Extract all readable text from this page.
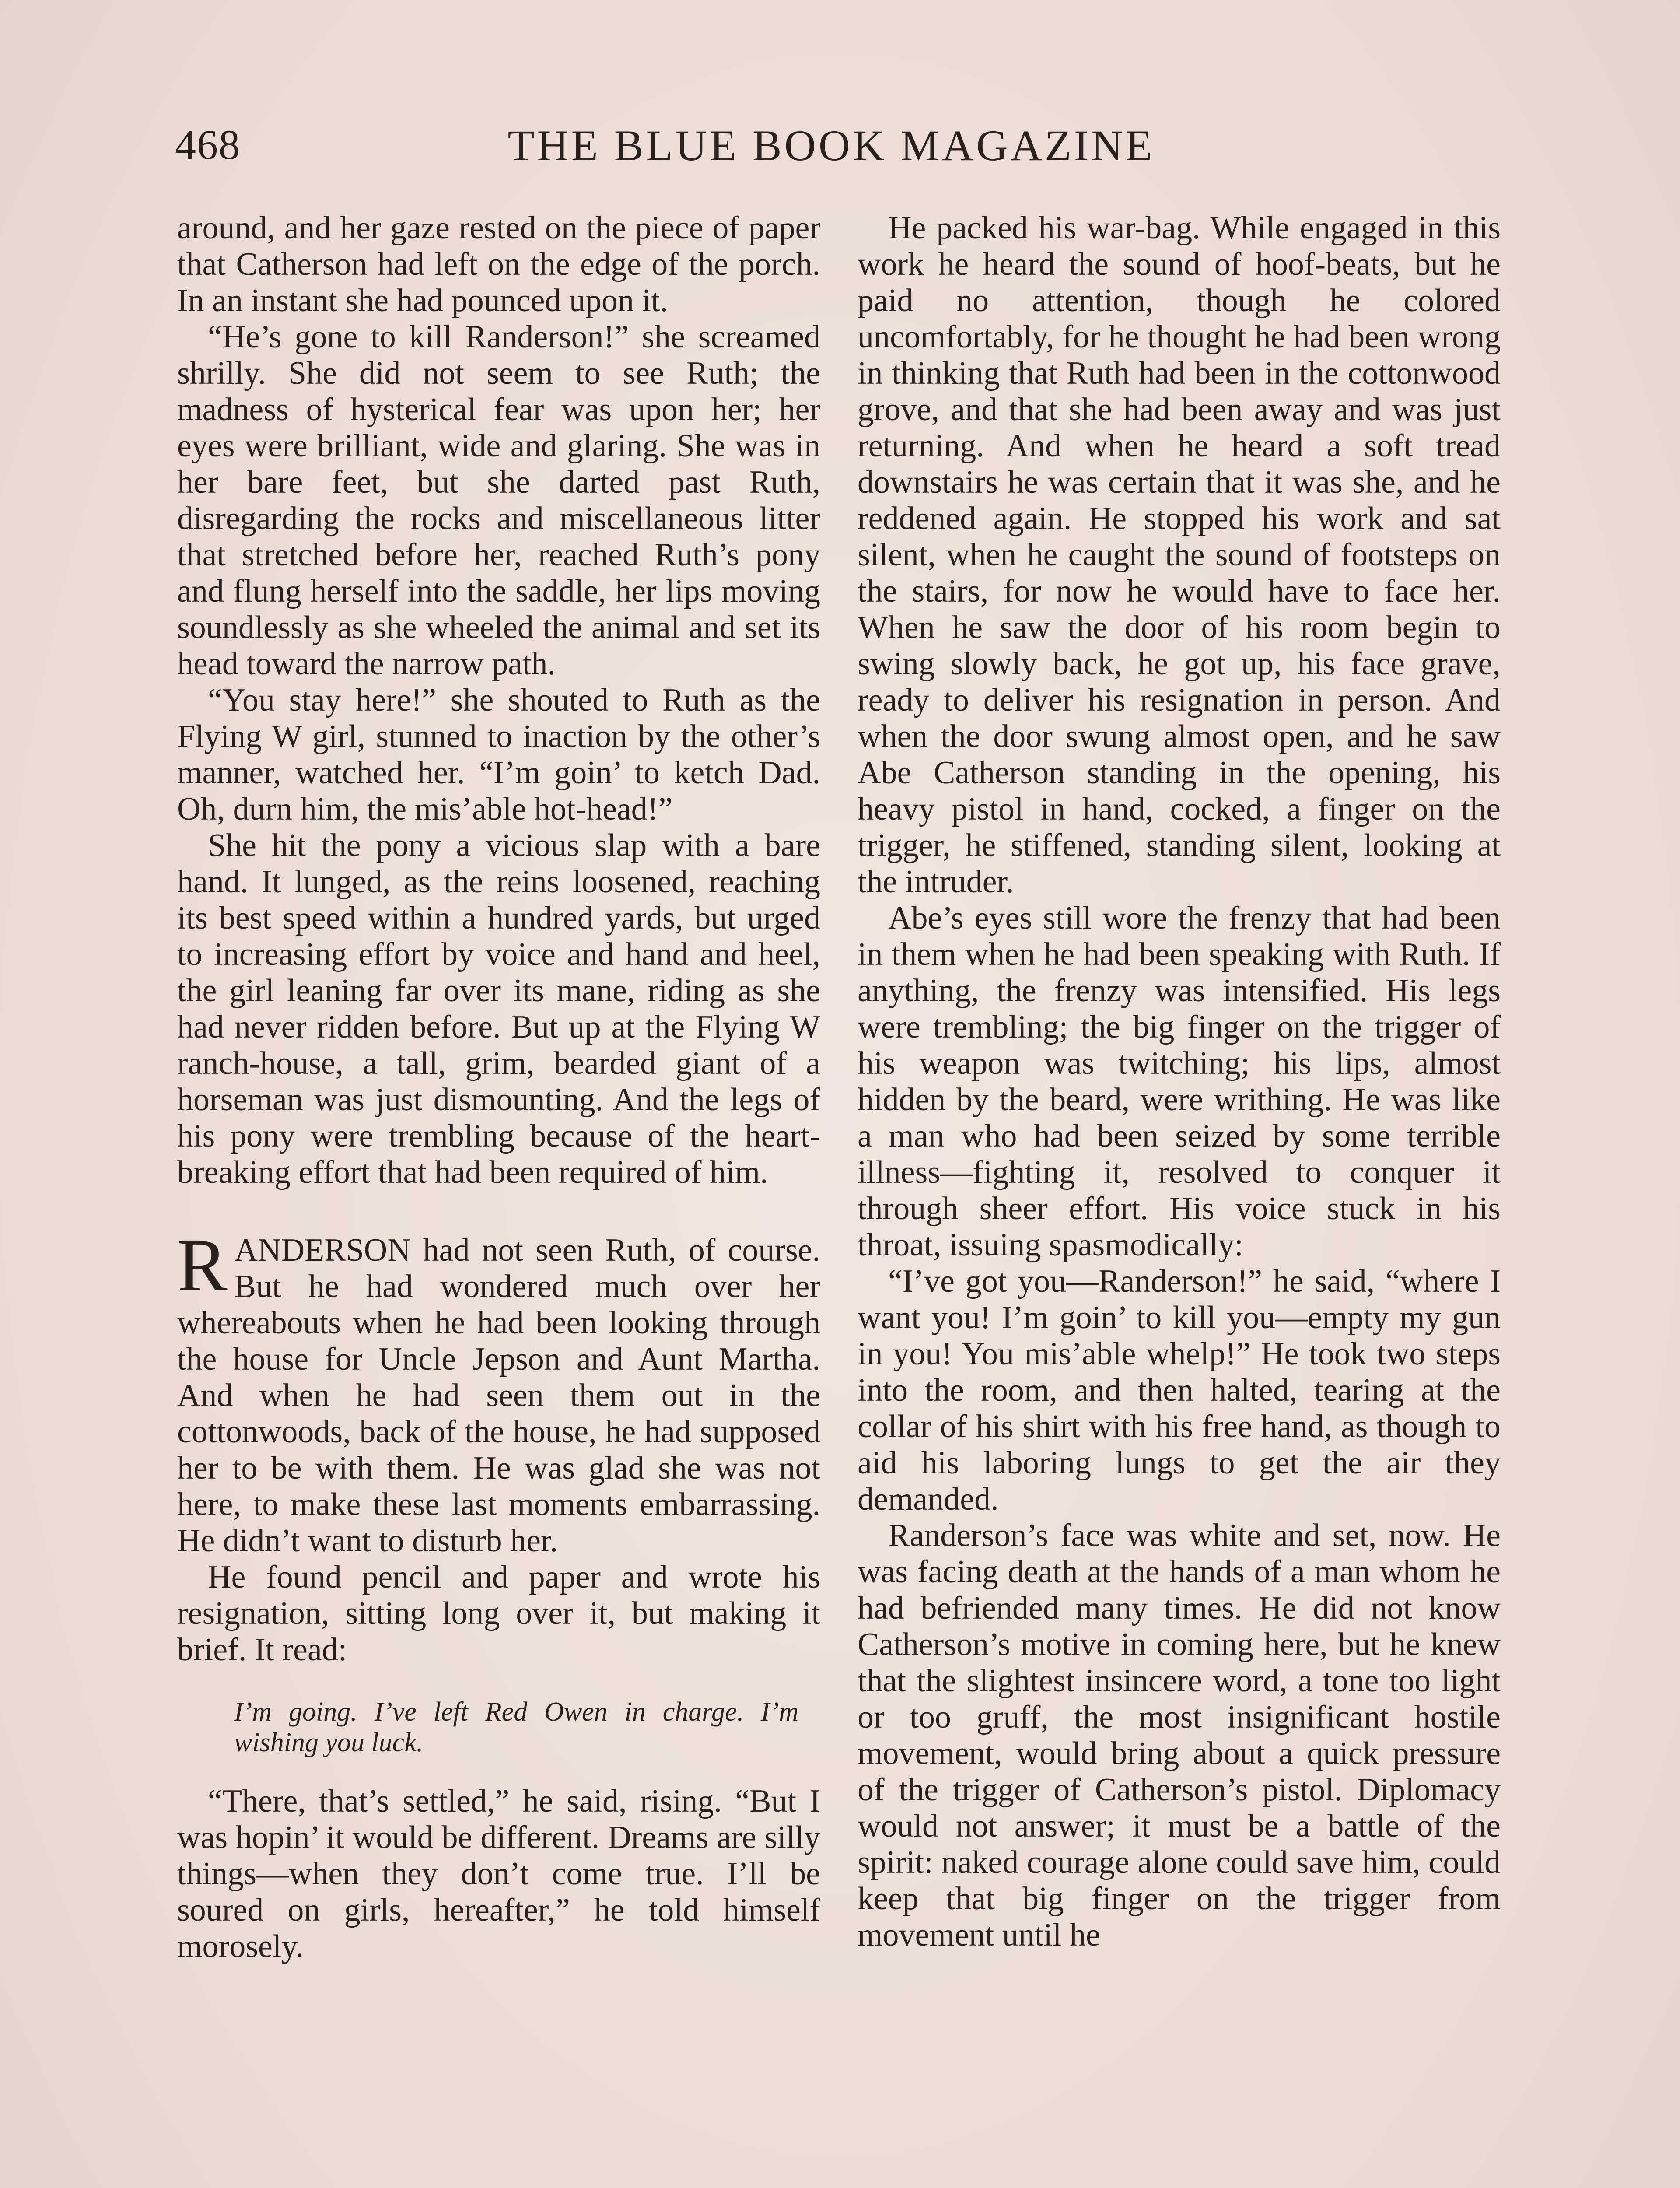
468	THE BLUE BOOK MAGAZINE

around, and her gaze rested on the piece of paper that Catherson had left on the edge of the porch. In an instant she had pounced upon it.

“He’s gone to kill Randerson!” she screamed shrilly. She did not seem to see Ruth; the madness of hysterical fear was upon her; her eyes were brilliant, wide and glaring. She was in her bare feet, but she darted past Ruth, disregarding the rocks and miscellaneous litter that stretched before her, reached Ruth’s pony and flung herself into the saddle, her lips moving soundlessly as she wheeled the animal and set its head toward the narrow path.

“You stay here!” she shouted to Ruth as the Flying W girl, stunned to inaction by the other’s manner, watched her. “I’m goin’ to ketch Dad. Oh, durn him, the mis’able hot-head!”

She hit the pony a vicious slap with a bare hand. It lunged, as the reins loosened, reaching its best speed within a hundred yards, but urged to increasing effort by voice and hand and heel, the girl leaning far over its mane, riding as she had never ridden before. But up at the Flying W ranch-house, a tall, grim, bearded giant of a horseman was just dismounting. And the legs of his pony were trembling because of the heart-breaking effort that had been required of him.

RANDERSON had not seen Ruth, of course. But he had wondered much over her whereabouts when he had been looking through the house for Uncle Jepson and Aunt Martha. And when he had seen them out in the cottonwoods, back of the house, he had supposed her to be with them. He was glad she was not here, to make these last moments embarrassing. He didn’t want to disturb her.

He found pencil and paper and wrote his resignation, sitting long over it, but making it brief. It read:

I’m going. I’ve left Red Owen in charge. I’m wishing you luck.

“There, that’s settled,” he said, rising. “But I was hopin’ it would be different. Dreams are silly things—when they don’t come true. I’ll be soured on girls, hereafter,” he told himself morosely.

He packed his war-bag. While engaged in this work he heard the sound of hoof-beats, but he paid no attention, though he colored uncomfortably, for he thought he had been wrong in thinking that Ruth had been in the cottonwood grove, and that she had been away and was just returning. And when he heard a soft tread downstairs he was certain that it was she, and he reddened again. He stopped his work and sat silent, when he caught the sound of footsteps on the stairs, for now he would have to face her. When he saw the door of his room begin to swing slowly back, he got up, his face grave, ready to deliver his resignation in person. And when the door swung almost open, and he saw Abe Catherson standing in the opening, his heavy pistol in hand, cocked, a finger on the trigger, he stiffened, standing silent, looking at the intruder.

Abe’s eyes still wore the frenzy that had been in them when he had been speaking with Ruth. If anything, the frenzy was intensified. His legs were trembling; the big finger on the trigger of his weapon was twitching; his lips, almost hidden by the beard, were writhing. He was like a man who had been seized by some terrible illness—fighting it, resolved to conquer it through sheer effort. His voice stuck in his throat, issuing spasmodically:

“I’ve got you—Randerson!” he said, “where I want you! I’m goin’ to kill you—empty my gun in you! You mis’able whelp!” He took two steps into the room, and then halted, tearing at the collar of his shirt with his free hand, as though to aid his laboring lungs to get the air they demanded.

Randerson’s face was white and set, now. He was facing death at the hands of a man whom he had befriended many times. He did not know Catherson’s motive in coming here, but he knew that the slightest insincere word, a tone too light or too gruff, the most insignificant hostile movement, would bring about a quick pressure of the trigger of Catherson’s pistol. Diplomacy would not answer; it must be a battle of the spirit: naked courage alone could save him, could keep that big finger on the trigger from movement until he
